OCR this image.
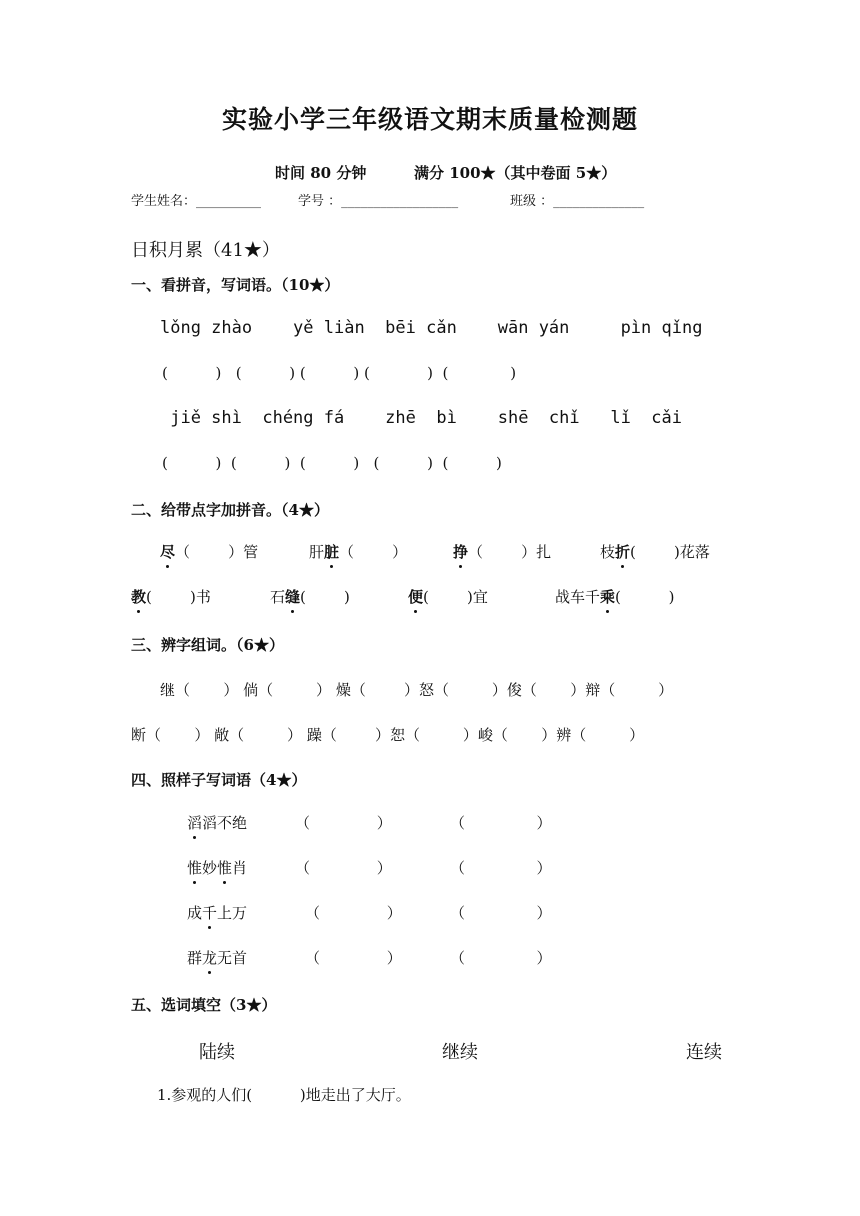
实验小学三年级语文期末质量检测题
时间 80 分钟	满分 100★（其中卷面 5★）
学生姓名：__________	学号 ：__________________	班级 ：______________
日积月累（41★）
一、看拼音，写词语。（10★）
lǒng zhào    yě liàn  bēi cǎn    wān yán     pìn qǐng
(          )   (          ) (          ) (            )  (             )
jiě shì  chéng fá    zhē  bì    shē  chǐ   lǐ  cǎi
(          )  (          )  (          )   (          )  (          )
二、给带点字加拼音。（4★）
尽（        ）管	肝脏（        ）	挣（        ）扎	枝折(        )花落
教(        )书	石缝(        )	便(        )宜	战车千乘(          )
三、辨字组词。（6★）
继（       ） 倘（         ） 燥（        ）怒（         ）俊（       ）辩（         ）
断（       ） 敞（         ） 躁（        ）恕（         ）峻（       ）辨（         ）
四、照样子写词语（4★）
滔滔不绝	（              ）	（               ）
惟妙惟肖	（              ）	（               ）
成千上万	（              ）	（               ）
群龙无首	（              ）	（               ）
五、选词填空（3★）
陆续	继续	连续
1.参观的人们(          )地走出了大厅。
